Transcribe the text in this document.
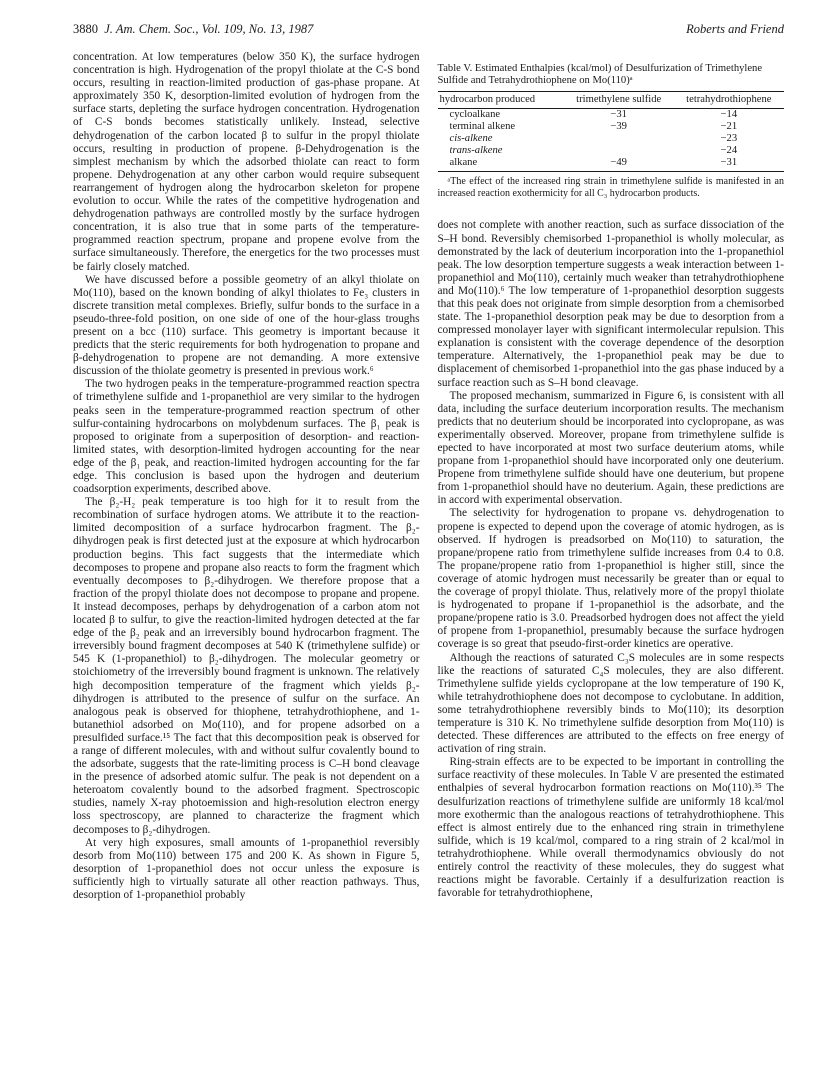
3880 J. Am. Chem. Soc., Vol. 109, No. 13, 1987	Roberts and Friend

concentration. At low temperatures (below 350 K), the surface hydrogen concentration is high. Hydrogenation of the propyl thiolate at the C-S bond occurs, resulting in reaction-limited production of gas-phase propane. At approximately 350 K, desorption-limited evolution of hydrogen from the surface starts, depleting the surface hydrogen concentration. Hydrogenation of C-S bonds becomes statistically unlikely. Instead, selective dehydrogenation of the carbon located β to sulfur in the propyl thiolate occurs, resulting in production of propene. β-Dehydrogenation is the simplest mechanism by which the adsorbed thiolate can react to form propene. Dehydrogenation at any other carbon would require subsequent rearrangement of hydrogen along the hydrocarbon skeleton for propene evolution to occur. While the rates of the competitive hydrogenation and dehydrogenation pathways are controlled mostly by the surface hydrogen concentration, it is also true that in some parts of the temperature-programmed reaction spectrum, propane and propene evolve from the surface simultaneously. Therefore, the energetics for the two processes must be fairly closely matched.

We have discussed before a possible geometry of an alkyl thiolate on Mo(110), based on the known bonding of alkyl thiolates to Fe₃ clusters in discrete transition metal complexes. Briefly, sulfur bonds to the surface in a pseudo-three-fold position, on one side of one of the hour-glass troughs present on a bcc (110) surface. This geometry is important because it predicts that the steric requirements for both hydrogenation to propane and β-dehydrogenation to propene are not demanding. A more extensive discussion of the thiolate geometry is presented in previous work.⁶

The two hydrogen peaks in the temperature-programmed reaction spectra of trimethylene sulfide and 1-propanethiol are very similar to the hydrogen peaks seen in the temperature-programmed reaction spectrum of other sulfur-containing hydrocarbons on molybdenum surfaces. The β₁ peak is proposed to originate from a superposition of desorption- and reaction-limited states, with desorption-limited hydrogen accounting for the near edge of the β₁ peak, and reaction-limited hydrogen accounting for the far edge. This conclusion is based upon the hydrogen and deuterium coadsorption experiments, described above.

The β₂-H₂ peak temperature is too high for it to result from the recombination of surface hydrogen atoms. We attribute it to the reaction-limited decomposition of a surface hydrocarbon fragment. The β₂-dihydrogen peak is first detected just at the exposure at which hydrocarbon production begins. This fact suggests that the intermediate which decomposes to propene and propane also reacts to form the fragment which eventually decomposes to β₂-dihydrogen. We therefore propose that a fraction of the propyl thiolate does not decompose to propane and propene. It instead decomposes, perhaps by dehydrogenation of a carbon atom not located β to sulfur, to give the reaction-limited hydrogen detected at the far edge of the β₂ peak and an irreversibly bound hydrocarbon fragment. The irreversibly bound fragment decomposes at 540 K (trimethylene sulfide) or 545 K (1-propanethiol) to β₂-dihydrogen. The molecular geometry or stoichiometry of the irreversibly bound fragment is unknown. The relatively high decomposition temperature of the fragment which yields β₂-dihydrogen is attributed to the presence of sulfur on the surface. An analogous peak is observed for thiophene, tetrahydrothiophene, and 1-butanethiol adsorbed on Mo(110), and for propene adsorbed on a presulfided surface.¹⁵ The fact that this decomposition peak is observed for a range of different molecules, with and without sulfur covalently bound to the adsorbate, suggests that the rate-limiting process is C–H bond cleavage in the presence of adsorbed atomic sulfur. The peak is not dependent on a heteroatom covalently bound to the adsorbed fragment. Spectroscopic studies, namely X-ray photoemission and high-resolution electron energy loss spectroscopy, are planned to characterize the fragment which decomposes to β₂-dihydrogen.

At very high exposures, small amounts of 1-propanethiol reversibly desorb from Mo(110) between 175 and 200 K. As shown in Figure 5, desorption of 1-propanethiol does not occur unless the exposure is sufficiently high to virtually saturate all other reaction pathways. Thus, desorption of 1-propanethiol probably

Table V. Estimated Enthalpies (kcal/mol) of Desulfurization of Trimethylene Sulfide and Tetrahydrothiophene on Mo(110)ᵃ
hydrocarbon produced	trimethylene sulfide	tetrahydrothiophene
cycloalkane	−31	−14
terminal alkene	−39	−21
cis-alkene		−23
trans-alkene		−24
alkane	−49	−31
ᵃThe effect of the increased ring strain in trimethylene sulfide is manifested in an increased reaction exothermicity for all C₃ hydrocarbon products.

does not complete with another reaction, such as surface dissociation of the S–H bond. Reversibly chemisorbed 1-propanethiol is wholly molecular, as demonstrated by the lack of deuterium incorporation into the 1-propanethiol peak. The low desorption temperture suggests a weak interaction between 1-propanethiol and Mo(110), certainly much weaker than tetrahydrothiophene and Mo(110).⁶ The low temperature of 1-propanethiol desorption suggests that this peak does not originate from simple desorption from a chemisorbed state. The 1-propanethiol desorption peak may be due to desorption from a compressed monolayer layer with significant intermolecular repulsion. This explanation is consistent with the coverage dependence of the desorption temperature. Alternatively, the 1-propanethiol peak may be due to displacement of chemisorbed 1-propanethiol into the gas phase induced by a surface reaction such as S–H bond cleavage.

The proposed mechanism, summarized in Figure 6, is consistent with all data, including the surface deuterium incorporation results. The mechanism predicts that no deuterium should be incorporated into cyclopropane, as was experimentally observed. Moreover, propane from trimethylene sulfide is epected to have incorporated at most two surface deuterium atoms, while propane from 1-propanethiol should have incorporated only one deuterium. Propene from trimethylene sulfide should have one deuterium, but propene from 1-propanethiol should have no deuterium. Again, these predictions are in accord with experimental observation.

The selectivity for hydrogenation to propane vs. dehydrogenation to propene is expected to depend upon the coverage of atomic hydrogen, as is observed. If hydrogen is preadsorbed on Mo(110) to saturation, the propane/propene ratio from trimethylene sulfide increases from 0.4 to 0.8. The propane/propene ratio from 1-propanethiol is higher still, since the coverage of atomic hydrogen must necessarily be greater than or equal to the coverage of propyl thiolate. Thus, relatively more of the propyl thiolate is hydrogenated to propane if 1-propanethiol is the adsorbate, and the propane/propene ratio is 3.0. Preadsorbed hydrogen does not affect the yield of propene from 1-propanethiol, presumably because the surface hydrogen coverage is so great that pseudo-first-order kinetics are operative.

Although the reactions of saturated C₃S molecules are in some respects like the reactions of saturated C₄S molecules, they are also different. Trimethylene sulfide yields cyclopropane at the low temperature of 190 K, while tetrahydrothiophene does not decompose to cyclobutane. In addition, some tetrahydrothiophene reversibly binds to Mo(110); its desorption temperature is 310 K. No trimethylene sulfide desorption from Mo(110) is detected. These differences are attributed to the effects on free energy of activation of ring strain.

Ring-strain effects are to be expected to be important in controlling the surface reactivity of these molecules. In Table V are presented the estimated enthalpies of several hydrocarbon formation reactions on Mo(110).³⁵ The desulfurization reactions of trimethylene sulfide are uniformly 18 kcal/mol more exothermic than the analogous reactions of tetrahydrothiophene. This effect is almost entirely due to the enhanced ring strain in trimethylene sulfide, which is 19 kcal/mol, compared to a ring strain of 2 kcal/mol in tetrahydrothiophene. While overall thermodynamics obviously do not entirely control the reactivity of these molecules, they do suggest what reactions might be favorable. Certainly if a desulfurization reaction is favorable for tetrahydrothiophene,
